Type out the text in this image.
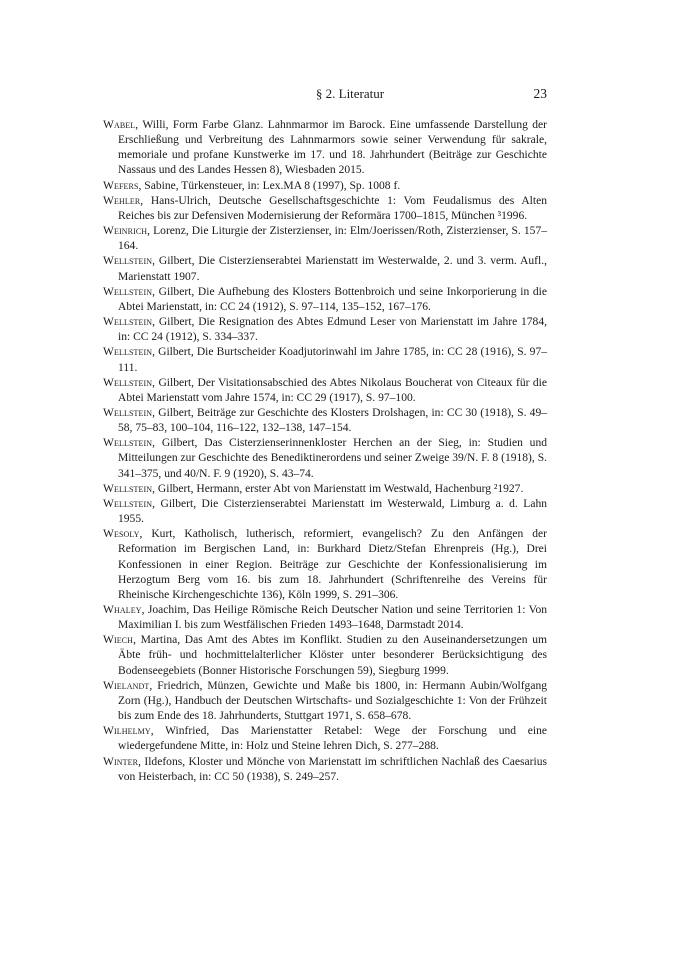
§ 2. Literatur	23

Wabel, Willi, Form Farbe Glanz. Lahnmarmor im Barock. Eine umfassende Darstellung der Erschließung und Verbreitung des Lahnmarmors sowie seiner Verwendung für sakrale, memoriale und profane Kunstwerke im 17. und 18. Jahrhundert (Beiträge zur Geschichte Nassaus und des Landes Hessen 8), Wiesbaden 2015.

Wefers, Sabine, Türkensteuer, in: Lex.MA 8 (1997), Sp. 1008 f.

Wehler, Hans-Ulrich, Deutsche Gesellschaftsgeschichte 1: Vom Feudalismus des Alten Reiches bis zur Defensiven Modernisierung der Reformära 1700–1815, München ³1996.

Weinrich, Lorenz, Die Liturgie der Zisterzienser, in: Elm/Joerissen/Roth, Zisterzienser, S. 157–164.

Wellstein, Gilbert, Die Cisterzienserabtei Marienstatt im Westerwalde, 2. und 3. verm. Aufl., Marienstatt 1907.

Wellstein, Gilbert, Die Aufhebung des Klosters Bottenbroich und seine Inkorporierung in die Abtei Marienstatt, in: CC 24 (1912), S. 97–114, 135–152, 167–176.

Wellstein, Gilbert, Die Resignation des Abtes Edmund Leser von Marienstatt im Jahre 1784, in: CC 24 (1912), S. 334–337.

Wellstein, Gilbert, Die Burtscheider Koadjutorinwahl im Jahre 1785, in: CC 28 (1916), S. 97–111.

Wellstein, Gilbert, Der Visitationsabschied des Abtes Nikolaus Boucherat von Citeaux für die Abtei Marienstatt vom Jahre 1574, in: CC 29 (1917), S. 97–100.

Wellstein, Gilbert, Beiträge zur Geschichte des Klosters Drolshagen, in: CC 30 (1918), S. 49–58, 75–83, 100–104, 116–122, 132–138, 147–154.

Wellstein, Gilbert, Das Cisterzienserinnenkloster Herchen an der Sieg, in: Studien und Mitteilungen zur Geschichte des Benediktinerordens und seiner Zweige 39/N. F. 8 (1918), S. 341–375, und 40/N. F. 9 (1920), S. 43–74.

Wellstein, Gilbert, Hermann, erster Abt von Marienstatt im Westwald, Hachenburg ²1927.

Wellstein, Gilbert, Die Cisterzienserabtei Marienstatt im Westerwald, Limburg a. d. Lahn 1955.

Wesoly, Kurt, Katholisch, lutherisch, reformiert, evangelisch? Zu den Anfängen der Reformation im Bergischen Land, in: Burkhard Dietz/Stefan Ehrenpreis (Hg.), Drei Konfessionen in einer Region. Beiträge zur Geschichte der Konfessionalisierung im Herzogtum Berg vom 16. bis zum 18. Jahrhundert (Schriftenreihe des Vereins für Rheinische Kirchengeschichte 136), Köln 1999, S. 291–306.

Whaley, Joachim, Das Heilige Römische Reich Deutscher Nation und seine Territorien 1: Von Maximilian I. bis zum Westfälischen Frieden 1493–1648, Darmstadt 2014.

Wiech, Martina, Das Amt des Abtes im Konflikt. Studien zu den Auseinandersetzungen um Äbte früh- und hochmittelalterlicher Klöster unter besonderer Berücksichtigung des Bodenseegebiets (Bonner Historische Forschungen 59), Siegburg 1999.

Wielandt, Friedrich, Münzen, Gewichte und Maße bis 1800, in: Hermann Aubin/Wolfgang Zorn (Hg.), Handbuch der Deutschen Wirtschafts- und Sozialgeschichte 1: Von der Frühzeit bis zum Ende des 18. Jahrhunderts, Stuttgart 1971, S. 658–678.

Wilhelmy, Winfried, Das Marienstatter Retabel: Wege der Forschung und eine wiedergefundene Mitte, in: Holz und Steine lehren Dich, S. 277–288.

Winter, Ildefons, Kloster und Mönche von Marienstatt im schriftlichen Nachlaß des Caesarius von Heisterbach, in: CC 50 (1938), S. 249–257.
